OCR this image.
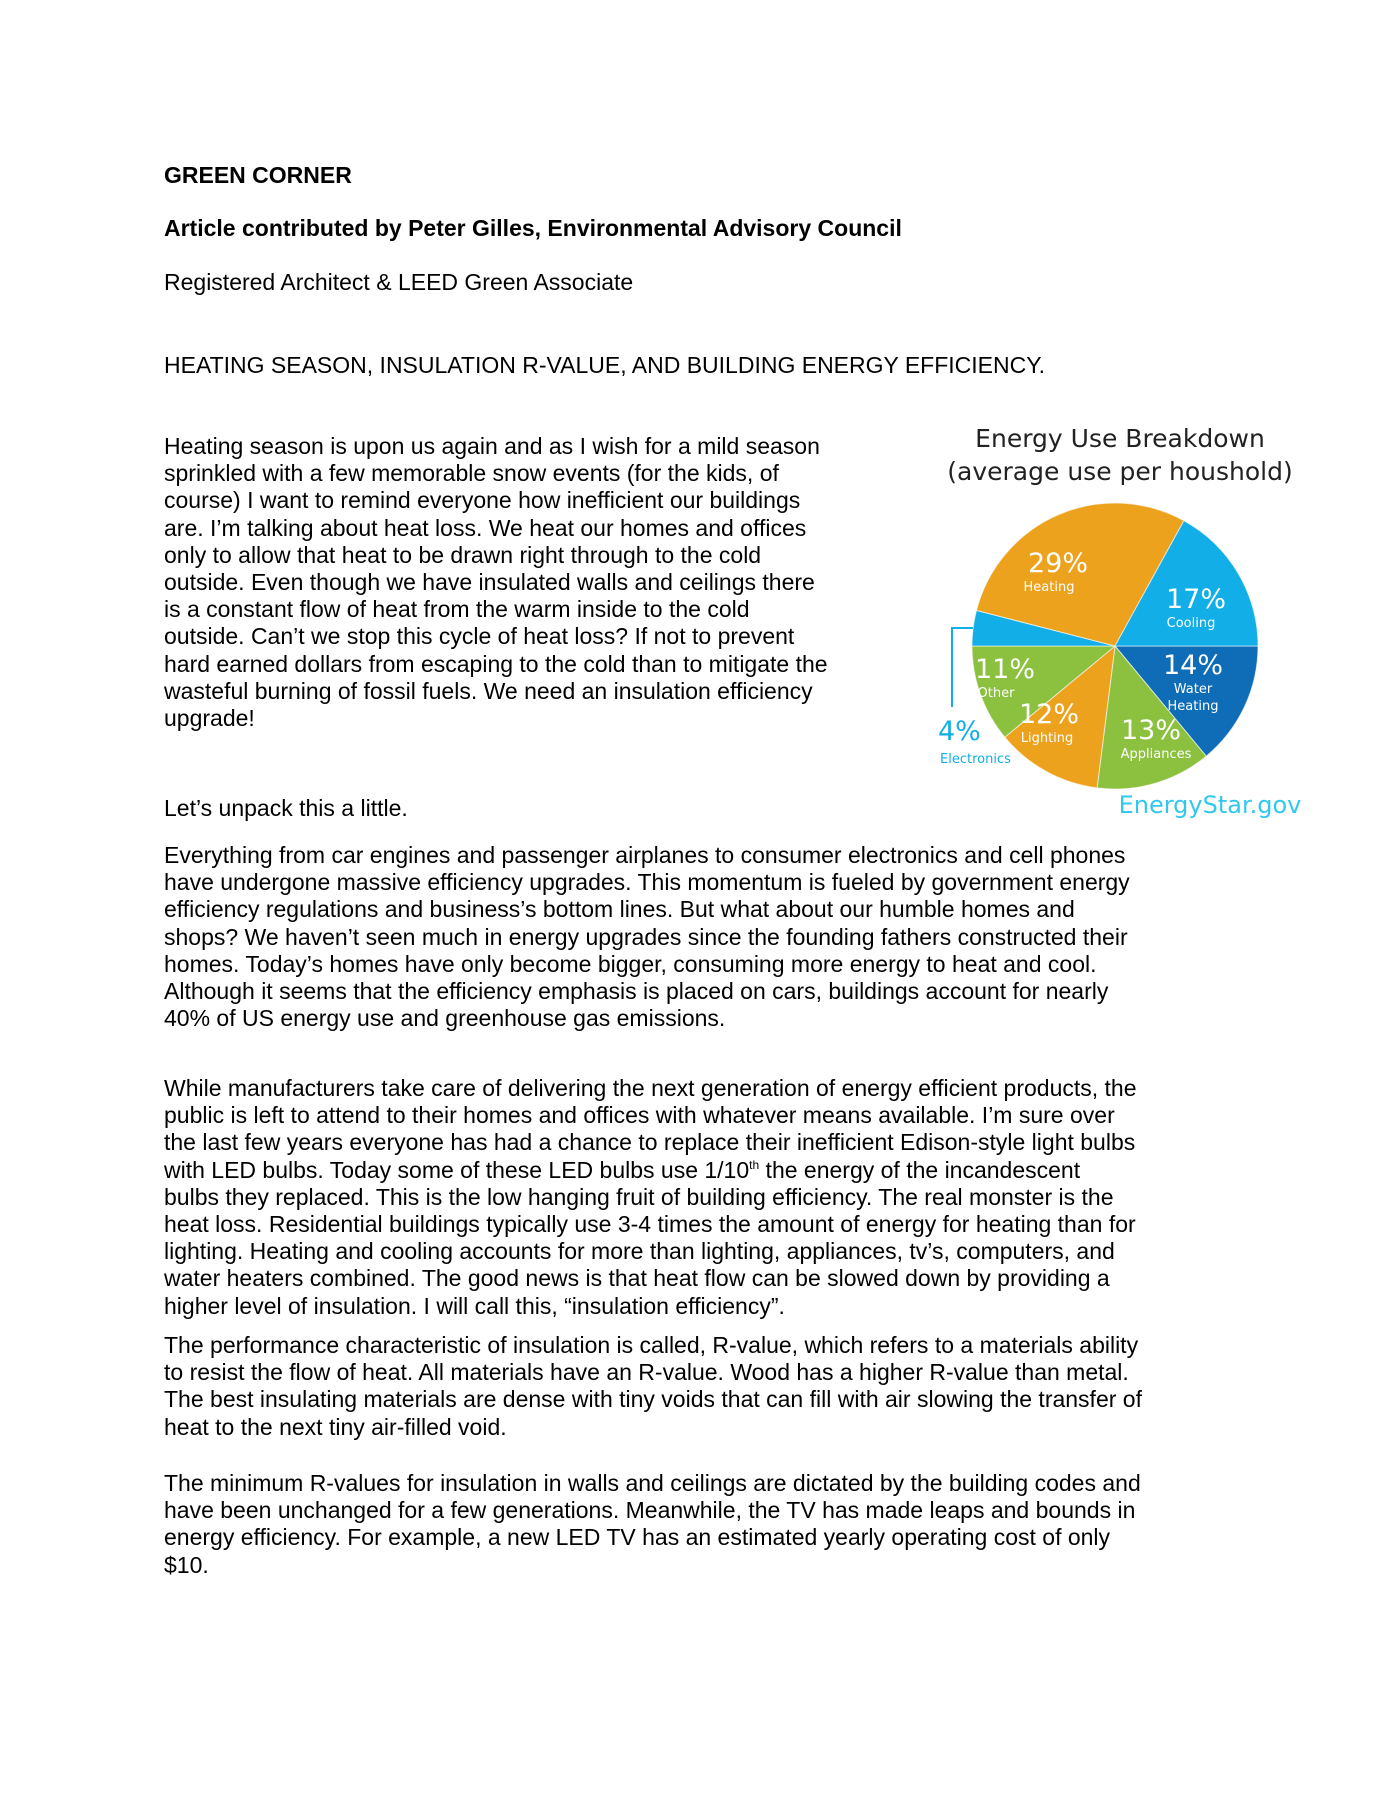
GREEN CORNER
Article contributed by Peter Gilles, Environmental Advisory Council
Registered Architect & LEED Green Associate
HEATING SEASON, INSULATION R-VALUE, AND BUILDING ENERGY EFFICIENCY.
Heating season is upon us again and as I wish for a mild season
sprinkled with a few memorable snow events (for the kids, of
course) I want to remind everyone how inefficient our buildings
are. I’m talking about heat loss. We heat our homes and offices
only to allow that heat to be drawn right through to the cold
outside. Even though we have insulated walls and ceilings there
is a constant flow of heat from the warm inside to the cold
outside. Can’t we stop this cycle of heat loss? If not to prevent
hard earned dollars from escaping to the cold than to mitigate the
wasteful burning of fossil fuels. We need an insulation efficiency
upgrade!
Let’s unpack this a little.
Everything from car engines and passenger airplanes to consumer electronics and cell phones
have undergone massive efficiency upgrades. This momentum is fueled by government energy
efficiency regulations and business’s bottom lines. But what about our humble homes and
shops? We haven’t seen much in energy upgrades since the founding fathers constructed their
homes. Today’s homes have only become bigger, consuming more energy to heat and cool.
Although it seems that the efficiency emphasis is placed on cars, buildings account for nearly
40% of US energy use and greenhouse gas emissions.
While manufacturers take care of delivering the next generation of energy efficient products, the
public is left to attend to their homes and offices with whatever means available. I’m sure over
the last few years everyone has had a chance to replace their inefficient Edison-style light bulbs
with LED bulbs. Today some of these LED bulbs use 1/10th the energy of the incandescent
bulbs they replaced. This is the low hanging fruit of building efficiency. The real monster is the
heat loss. Residential buildings typically use 3-4 times the amount of energy for heating than for
lighting. Heating and cooling accounts for more than lighting, appliances, tv’s, computers, and
water heaters combined. The good news is that heat flow can be slowed down by providing a
higher level of insulation. I will call this, “insulation efficiency”.
The performance characteristic of insulation is called, R-value, which refers to a materials ability
to resist the flow of heat. All materials have an R-value. Wood has a higher R-value than metal.
The best insulating materials are dense with tiny voids that can fill with air slowing the transfer of
heat to the next tiny air-filled void.
The minimum R-values for insulation in walls and ceilings are dictated by the building codes and
have been unchanged for a few generations. Meanwhile, the TV has made leaps and bounds in
energy efficiency. For example, a new LED TV has an estimated yearly operating cost of only
$10.
Energy Use Breakdown
(average use per houshold)
29%
Heating	17%
Cooling
14%
Water
Heating
13%
Appliances
12%
Lighting
11%
Other
4%
Electronics
EnergyStar.gov
